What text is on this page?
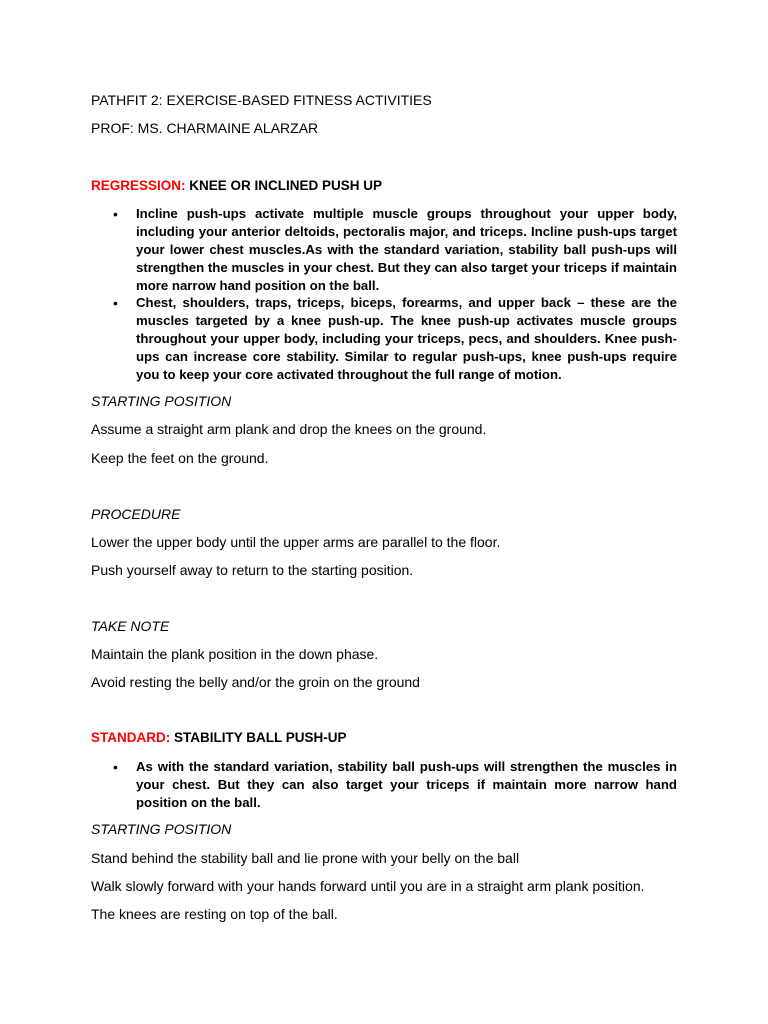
PATHFIT 2: EXERCISE-BASED FITNESS ACTIVITIES
PROF: MS. CHARMAINE ALARZAR
REGRESSION: KNEE OR INCLINED PUSH UP
• Incline push-ups activate multiple muscle groups throughout your upper body, including your anterior deltoids, pectoralis major, and triceps. Incline push-ups target your lower chest muscles.As with the standard variation, stability ball push-ups will strengthen the muscles in your chest. But they can also target your triceps if maintain more narrow hand position on the ball.
• Chest, shoulders, traps, triceps, biceps, forearms, and upper back – these are the muscles targeted by a knee push-up. The knee push-up activates muscle groups throughout your upper body, including your triceps, pecs, and shoulders. Knee push-ups can increase core stability. Similar to regular push-ups, knee push-ups require you to keep your core activated throughout the full range of motion.
STARTING POSITION
Assume a straight arm plank and drop the knees on the ground.
Keep the feet on the ground.
PROCEDURE
Lower the upper body until the upper arms are parallel to the floor.
Push yourself away to return to the starting position.
TAKE NOTE
Maintain the plank position in the down phase.
Avoid resting the belly and/or the groin on the ground
STANDARD: STABILITY BALL PUSH-UP
• As with the standard variation, stability ball push-ups will strengthen the muscles in your chest. But they can also target your triceps if maintain more narrow hand position on the ball.
STARTING POSITION
Stand behind the stability ball and lie prone with your belly on the ball
Walk slowly forward with your hands forward until you are in a straight arm plank position.
The knees are resting on top of the ball.
